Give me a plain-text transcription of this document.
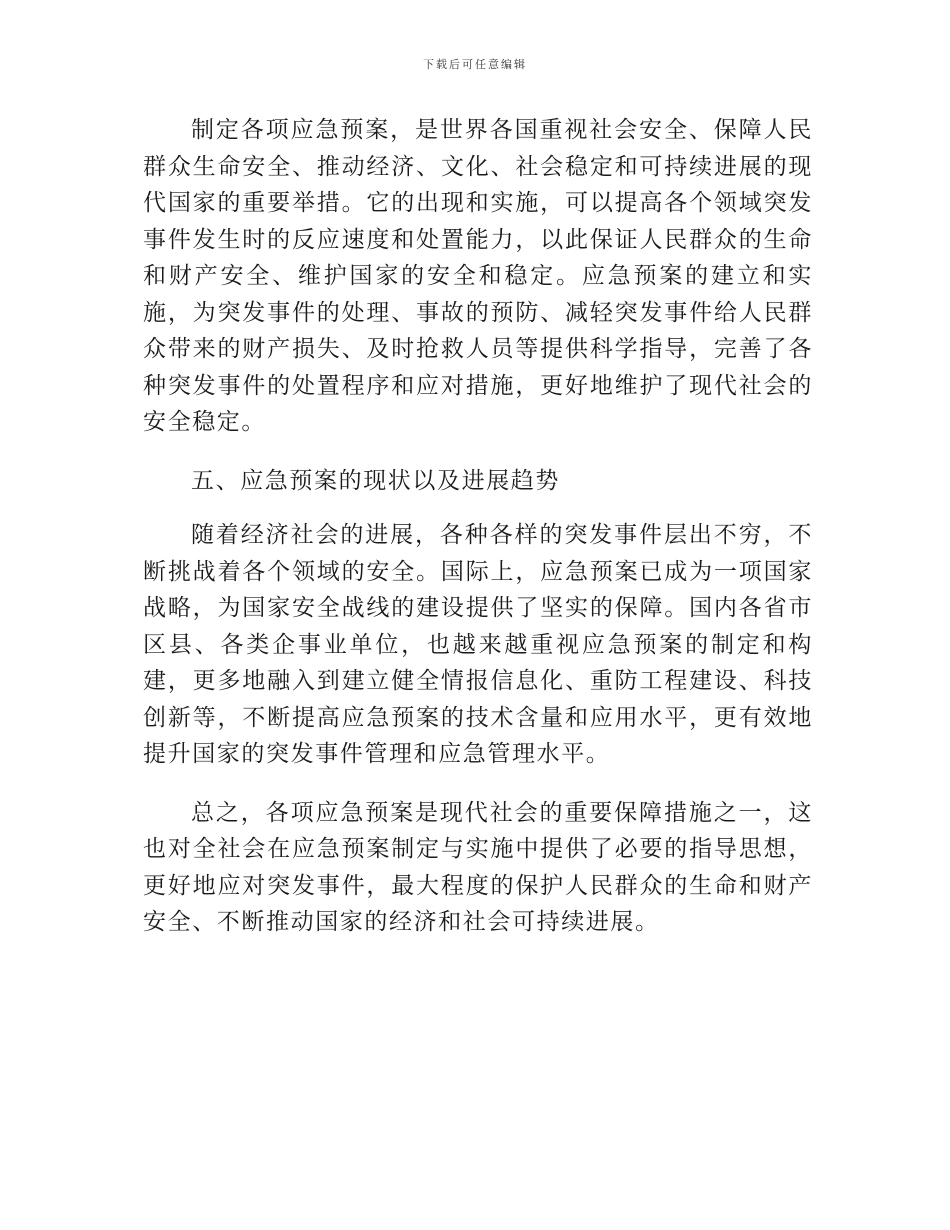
下载后可任意编辑

制定各项应急预案，是世界各国重视社会安全、保障人民群众生命安全、推动经济、文化、社会稳定和可持续进展的现代国家的重要举措。它的出现和实施，可以提高各个领域突发事件发生时的反应速度和处置能力，以此保证人民群众的生命和财产安全、维护国家的安全和稳定。应急预案的建立和实施，为突发事件的处理、事故的预防、减轻突发事件给人民群众带来的财产损失、及时抢救人员等提供科学指导，完善了各种突发事件的处置程序和应对措施，更好地维护了现代社会的安全稳定。

五、应急预案的现状以及进展趋势

随着经济社会的进展，各种各样的突发事件层出不穷，不断挑战着各个领域的安全。国际上，应急预案已成为一项国家战略，为国家安全战线的建设提供了坚实的保障。国内各省市区县、各类企事业单位，也越来越重视应急预案的制定和构建，更多地融入到建立健全情报信息化、重防工程建设、科技创新等，不断提高应急预案的技术含量和应用水平，更有效地提升国家的突发事件管理和应急管理水平。

总之，各项应急预案是现代社会的重要保障措施之一，这也对全社会在应急预案制定与实施中提供了必要的指导思想，更好地应对突发事件，最大程度的保护人民群众的生命和财产安全、不断推动国家的经济和社会可持续进展。
